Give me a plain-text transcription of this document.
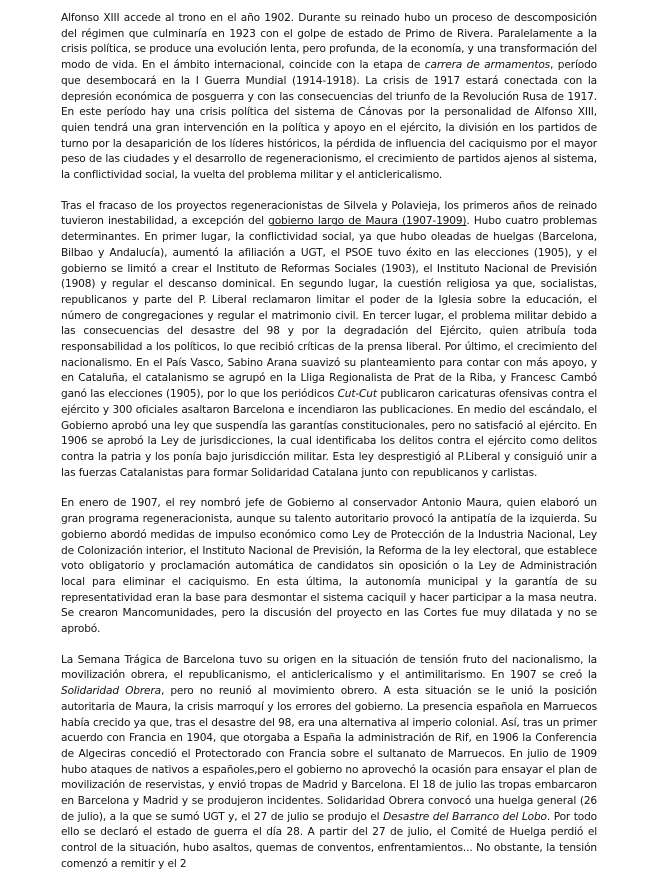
Alfonso XIII accede al trono en el año 1902. Durante su reinado hubo un proceso de descomposición del régimen que culminaría en 1923 con el golpe de estado de Primo de Rivera. Paralelamente a la crisis política, se produce una evolución lenta, pero profunda, de la economía, y una transformación del modo de vida. En el ámbito internacional, coincide con la etapa de carrera de armamentos, período que desembocará en la I Guerra Mundial (1914-1918). La crisis de 1917 estará conectada con la depresión económica de posguerra y con las consecuencias del triunfo de la Revolución Rusa de 1917. En este período hay una crisis política del sistema de Cánovas por la personalidad de Alfonso XIII, quien tendrá una gran intervención en la política y apoyo en el ejército, la división en los partidos de turno por la desaparición de los líderes históricos, la pérdida de influencia del caciquismo por el mayor peso de las ciudades y el desarrollo de regeneracionismo, el crecimiento de partidos ajenos al sistema, la conflictividad social, la vuelta del problema militar y el anticlericalismo.

Tras el fracaso de los proyectos regeneracionistas de Silvela y Polavieja, los primeros años de reinado tuvieron inestabilidad, a excepción del gobierno largo de Maura (1907-1909). Hubo cuatro problemas determinantes. En primer lugar, la conflictividad social, ya que hubo oleadas de huelgas (Barcelona, Bilbao y Andalucía), aumentó la afiliación a UGT, el PSOE tuvo éxito en las elecciones (1905), y el gobierno se limitó a crear el Instituto de Reformas Sociales (1903), el Instituto Nacional de Previsión (1908) y regular el descanso dominical. En segundo lugar, la cuestión religiosa ya que, socialistas, republicanos y parte del P. Liberal reclamaron limitar el poder de la Iglesia sobre la educación, el número de congregaciones y regular el matrimonio civil. En tercer lugar, el problema militar debido a las consecuencias del desastre del 98 y por la degradación del Ejército, quien atribuía toda responsabilidad a los políticos, lo que recibió críticas de la prensa liberal. Por último, el crecimiento del nacionalismo. En el País Vasco, Sabino Arana suavizó su planteamiento para contar con más apoyo, y en Cataluña, el catalanismo se agrupó en la Lliga Regionalista de Prat de la Riba, y Francesc Cambó ganó las elecciones (1905), por lo que los periódicos Cut-Cut publicaron caricaturas ofensivas contra el ejército y 300 oficiales asaltaron Barcelona e incendiaron las publicaciones. En medio del escándalo, el Gobierno aprobó una ley que suspendía las garantías constitucionales, pero no satisfació al ejército. En 1906 se aprobó la Ley de jurisdicciones, la cual identificaba los delitos contra el ejército como delitos contra la patria y los ponía bajo jurisdicción militar. Esta ley desprestigió al P.Liberal y consiguió unir a las fuerzas Catalanistas para formar Solidaridad Catalana junto con republicanos y carlistas.

En enero de 1907, el rey nombró jefe de Gobierno al conservador Antonio Maura, quien elaboró un gran programa regeneracionista, aunque su talento autoritario provocó la antipatía de la izquierda. Su gobierno abordó medidas de impulso económico como Ley de Protección de la Industria Nacional, Ley de Colonización interior, el Instituto Nacional de Previsión, la Reforma de la ley electoral, que establece voto obligatorio y proclamación automática de candidatos sin oposición o la Ley de Administración local para eliminar el caciquismo. En esta última, la autonomía municipal y la garantía de su representatividad eran la base para desmontar el sistema caciquil y hacer participar a la masa neutra. Se crearon Mancomunidades, pero la discusión del proyecto en las Cortes fue muy dilatada y no se aprobó.

La Semana Trágica de Barcelona tuvo su origen en la situación de tensión fruto del nacionalismo, la movilización obrera, el republicanismo, el anticlericalismo y el antimilitarismo. En 1907 se creó la Solidaridad Obrera, pero no reunió al movimiento obrero. A esta situación se le unió la posición autoritaria de Maura, la crisis marroquí y los errores del gobierno. La presencia española en Marruecos había crecido ya que, tras el desastre del 98, era una alternativa al imperio colonial. Así, tras un primer acuerdo con Francia en 1904, que otorgaba a España la administración de Rif, en 1906 la Conferencia de Algeciras concedió el Protectorado con Francia sobre el sultanato de Marruecos. En julio de 1909 hubo ataques de nativos a españoles,pero el gobierno no aprovechó la ocasión para ensayar el plan de movilización de reservistas, y envió tropas de Madrid y Barcelona. El 18 de julio las tropas embarcaron en Barcelona y Madrid y se produjeron incidentes. Solidaridad Obrera convocó una huelga general (26 de julio), a la que se sumó UGT y, el 27 de julio se produjo el Desastre del Barranco del Lobo. Por todo ello se declaró el estado de guerra el día 28. A partir del 27 de julio, el Comité de Huelga perdió el control de la situación, hubo asaltos, quemas de conventos, enfrentamientos... No obstante, la tensión comenzó a remitir y el 2
